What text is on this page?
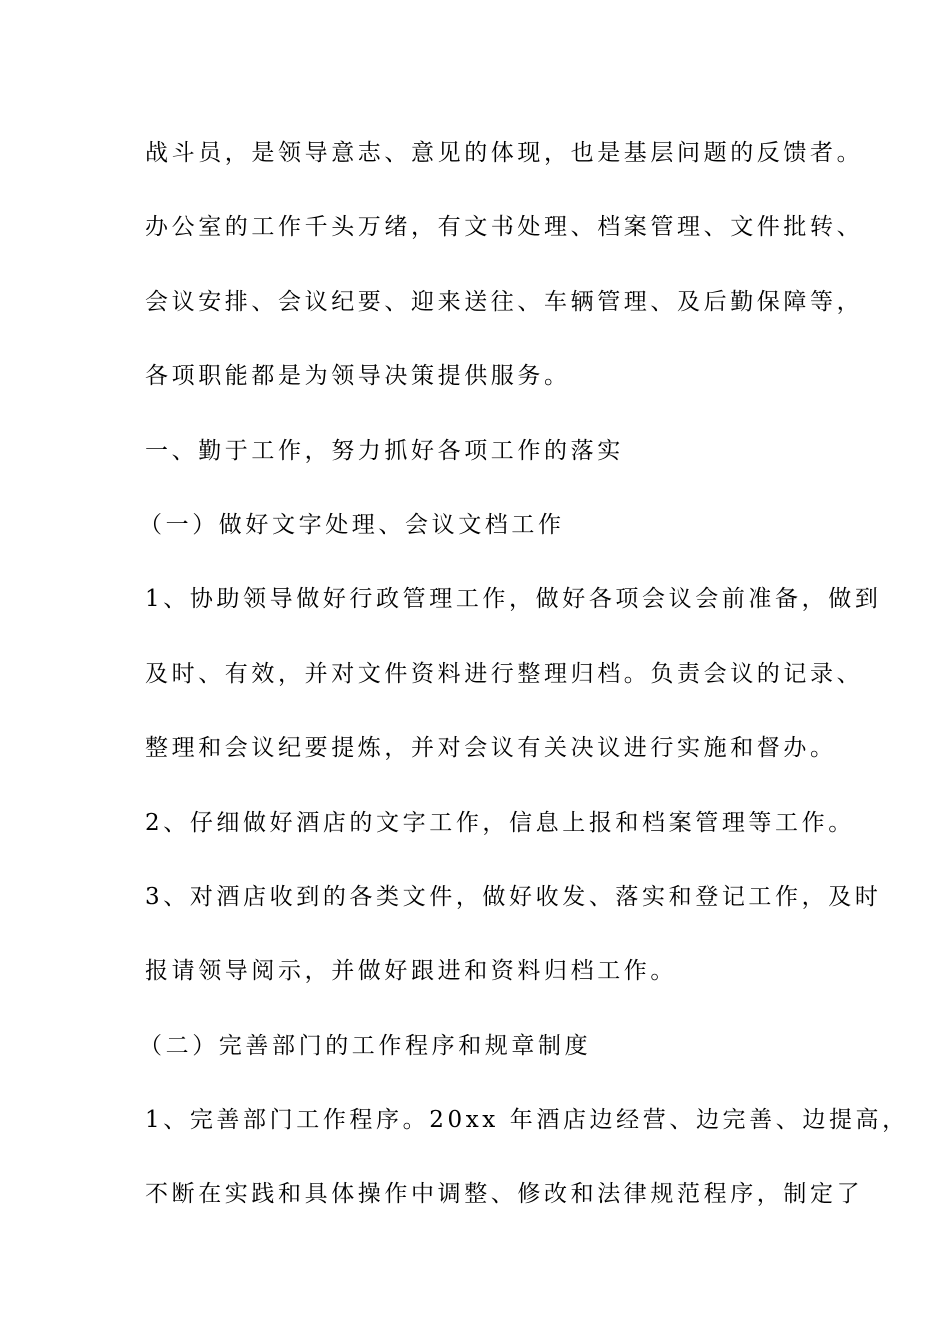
战斗员，是领导意志、意见的体现，也是基层问题的反馈者。
办公室的工作千头万绪，有文书处理、档案管理、文件批转、
会议安排、会议纪要、迎来送往、车辆管理、及后勤保障等，
各项职能都是为领导决策提供服务。
一、勤于工作，努力抓好各项工作的落实
（一）做好文字处理、会议文档工作
1、协助领导做好行政管理工作，做好各项会议会前准备，做到
及时、有效，并对文件资料进行整理归档。负责会议的记录、
整理和会议纪要提炼，并对会议有关决议进行实施和督办。
2、仔细做好酒店的文字工作，信息上报和档案管理等工作。
3、对酒店收到的各类文件，做好收发、落实和登记工作，及时
报请领导阅示，并做好跟进和资料归档工作。
（二）完善部门的工作程序和规章制度
1、完善部门工作程序。20xx 年酒店边经营、边完善、边提高，
不断在实践和具体操作中调整、修改和法律规范程序，制定了
